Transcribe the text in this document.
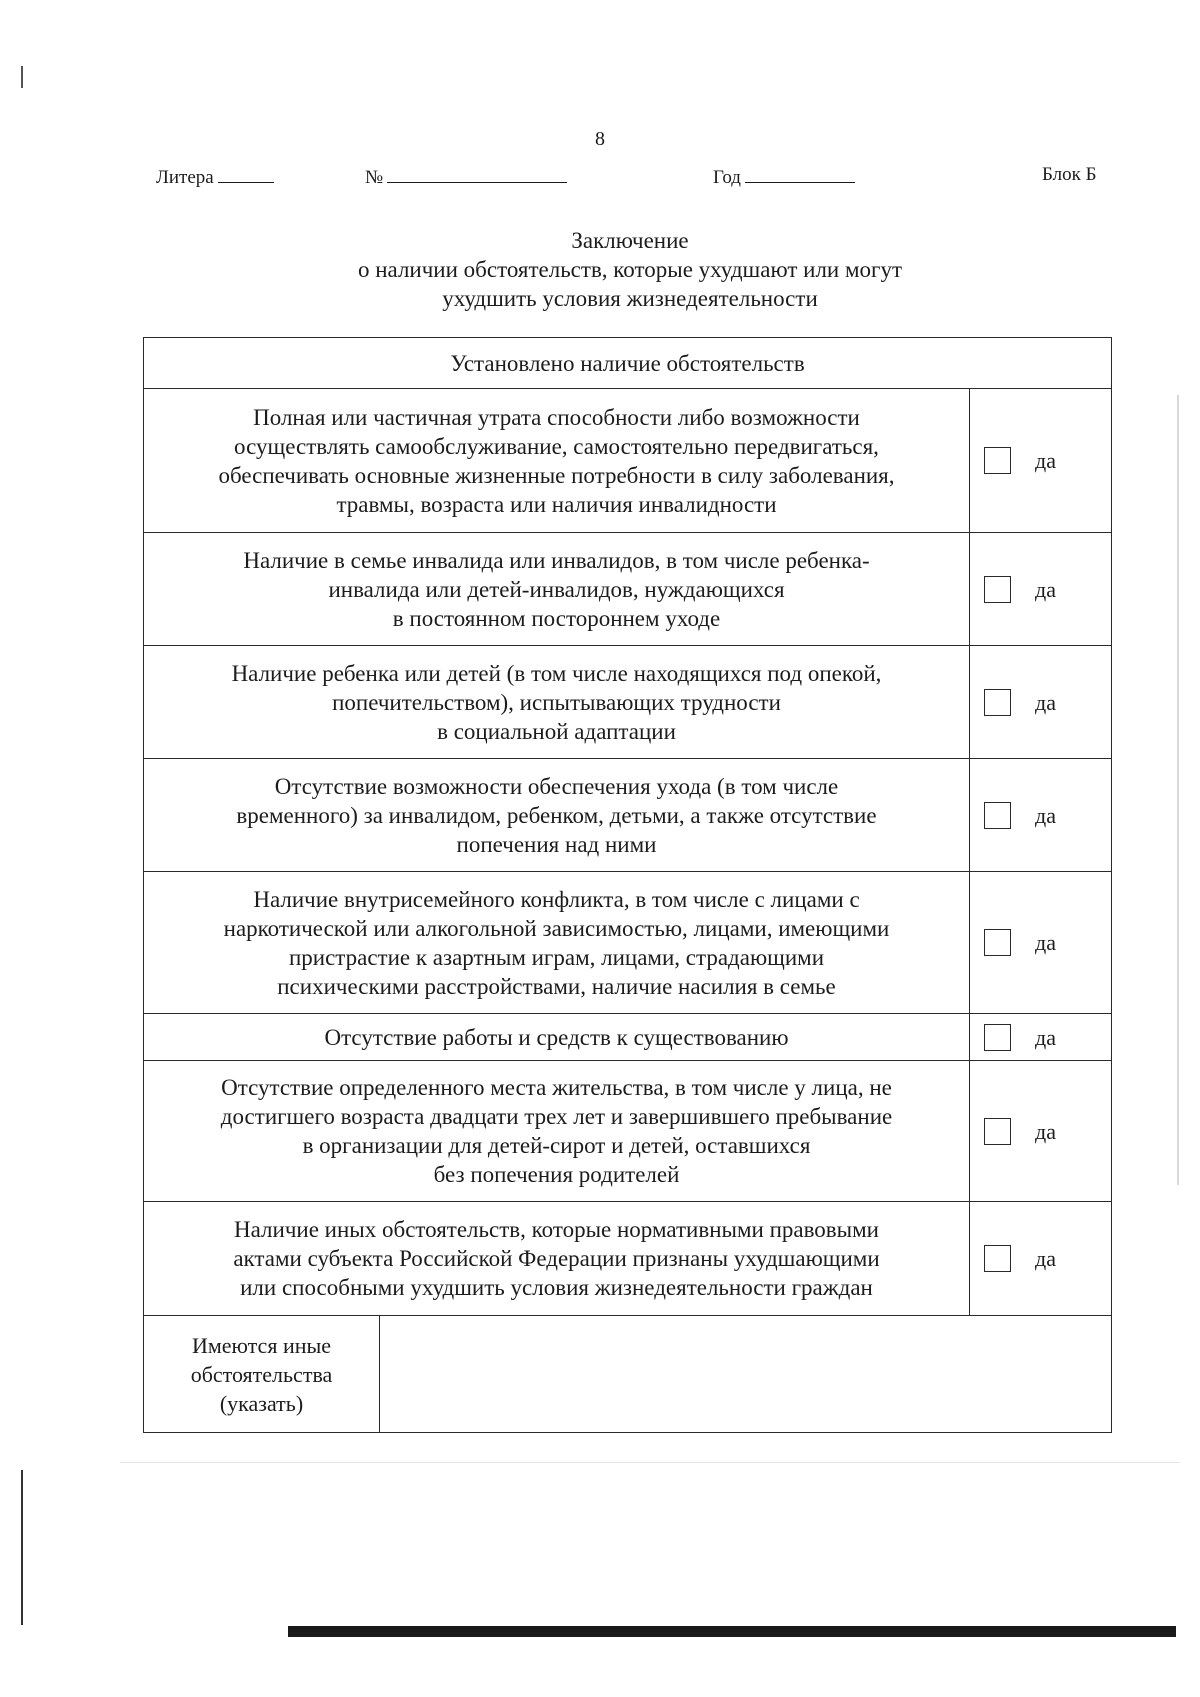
8
Литера	№	Год	Блок Б
Заключение
о наличии обстоятельств, которые ухудшают или могут
ухудшить условия жизнедеятельности
Установлено наличие обстоятельств		

Полная или частичная утрата способности либо возможности
осуществлять самообслуживание, самостоятельно передвигаться,
обеспечивать основные жизненные потребности в силу заболевания,
травмы, возраста или наличия инвалидности		да

Наличие в семье инвалида или инвалидов, в том числе ребенка-
инвалида или детей-инвалидов, нуждающихся
в постоянном постороннем уходе		да

Наличие ребенка или детей (в том числе находящихся под опекой,
попечительством), испытывающих трудности
в социальной адаптации		да

Отсутствие возможности обеспечения ухода (в том числе
временного) за инвалидом, ребенком, детьми, а также отсутствие
попечения над ними		да

Наличие внутрисемейного конфликта, в том числе с лицами с
наркотической или алкогольной зависимостью, лицами, имеющими
пристрастие к азартным играм, лицами, страдающими
психическими расстройствами, наличие насилия в семье		да

Отсутствие работы и средств к существованию		да

Отсутствие определенного места жительства, в том числе у лица, не
достигшего возраста двадцати трех лет и завершившего пребывание
в организации для детей-сирот и детей, оставшихся
без попечения родителей		да

Наличие иных обстоятельств, которые нормативными правовыми
актами субъекта Российской Федерации признаны ухудшающими
или способными ухудшить условия жизнедеятельности граждан		да

Имеются иные
обстоятельства
(указать)		
